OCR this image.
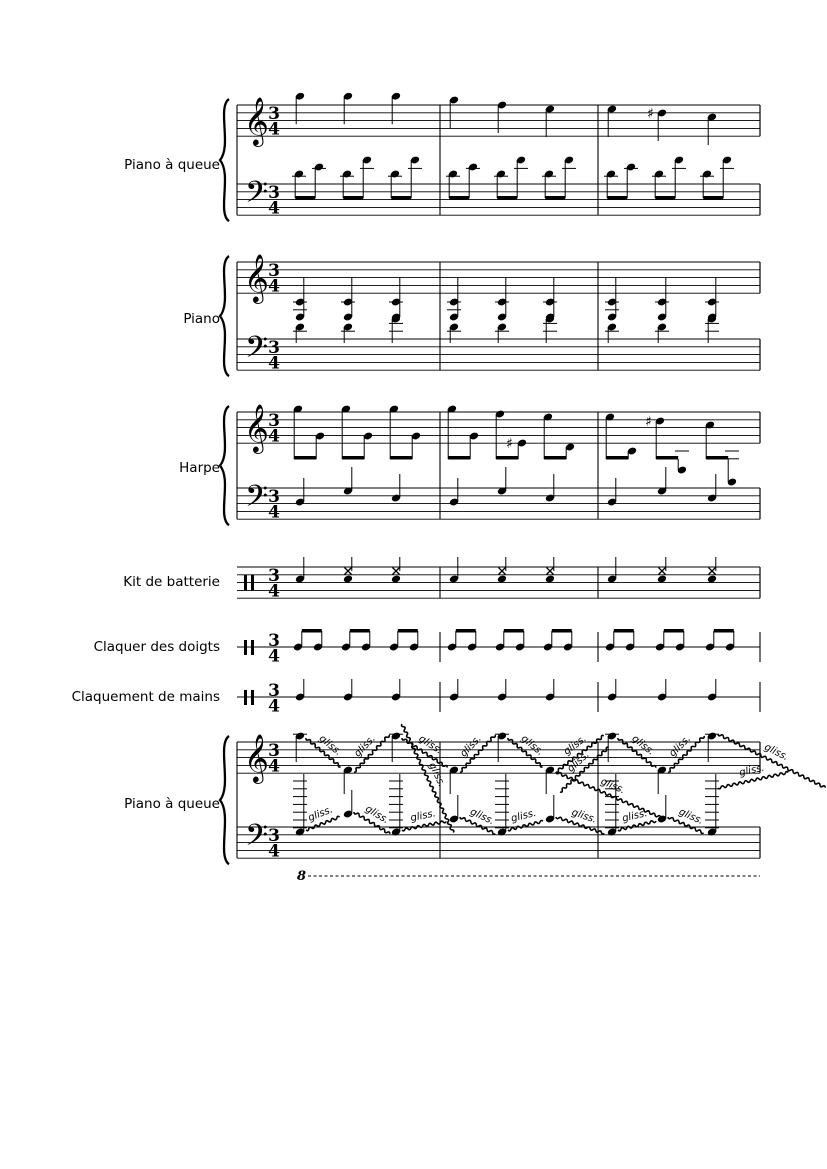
Piano à queue
Piano
Harpe
Kit de batterie
Claquer des doigts
Claquement de mains
Piano à queue
8
𝄞
𝄢
3
4
3
4
♯
𝄞
𝄢
3
4
3
4
𝄞
𝄢
3
4
3
4
♯
♯
3
4
3
4
3
4
𝄞
𝄢
3
4
3
4
gliss. gliss.	gliss. gliss.	gliss. gliss.	gliss. gliss.	gliss.
gliss.	gliss. gliss.	gliss. gliss.	gliss. gliss.	gliss.
gliss.	gliss.
gliss.	gliss.
